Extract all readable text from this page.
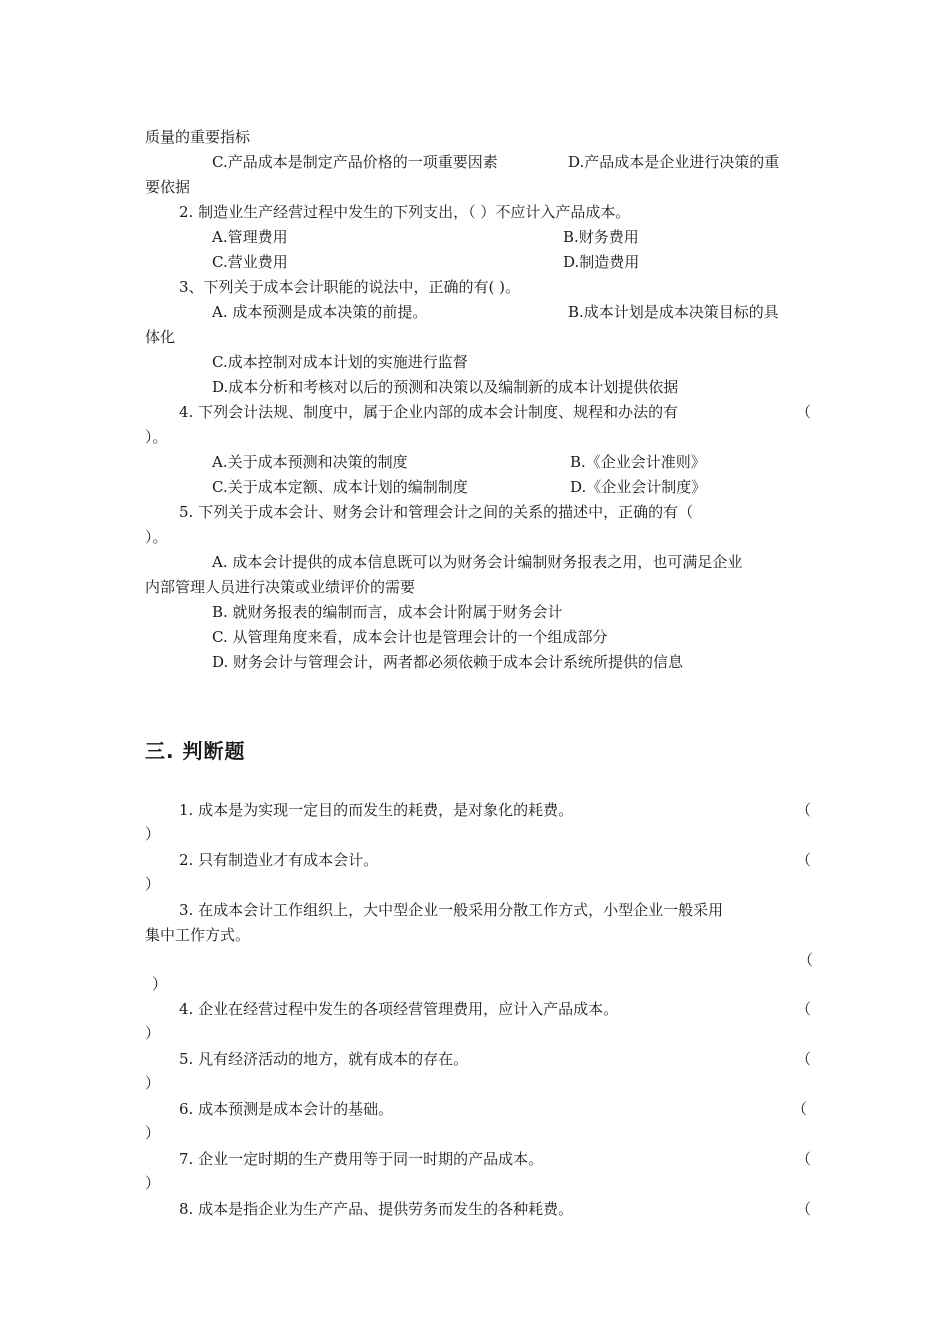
质量的重要指标
C.产品成本是制定产品价格的一项重要因素	D.产品成本是企业进行决策的重
要依据
2. 制造业生产经营过程中发生的下列支出，（ ）不应计入产品成本。
A.管理费用	B.财务费用
C.营业费用	D.制造费用
3、下列关于成本会计职能的说法中，正确的有( )。
A. 成本预测是成本决策的前提。	B.成本计划是成本决策目标的具
体化
C.成本控制对成本计划的实施进行监督
D.成本分析和考核对以后的预测和决策以及编制新的成本计划提供依据
4. 下列会计法规、制度中，属于企业内部的成本会计制度、规程和办法的有	（
）。
A.关于成本预测和决策的制度	B.《企业会计准则》
C.关于成本定额、成本计划的编制制度	D.《企业会计制度》
5. 下列关于成本会计、财务会计和管理会计之间的关系的描述中，正确的有（
）。
A. 成本会计提供的成本信息既可以为财务会计编制财务报表之用，也可满足企业
内部管理人员进行决策或业绩评价的需要
B. 就财务报表的编制而言，成本会计附属于财务会计
C. 从管理角度来看，成本会计也是管理会计的一个组成部分
D. 财务会计与管理会计，两者都必须依赖于成本会计系统所提供的信息
三. 判断题
1. 成本是为实现一定目的而发生的耗费，是对象化的耗费。	（
）
2. 只有制造业才有成本会计。	（
）
3. 在成本会计工作组织上，大中型企业一般采用分散工作方式，小型企业一般采用
集中工作方式。
（
）
4. 企业在经营过程中发生的各项经营管理费用，应计入产品成本。	（
）
5. 凡有经济活动的地方，就有成本的存在。	（
）
6. 成本预测是成本会计的基础。	（
）
7. 企业一定时期的生产费用等于同一时期的产品成本。	（
）
8. 成本是指企业为生产产品、提供劳务而发生的各种耗费。	（
